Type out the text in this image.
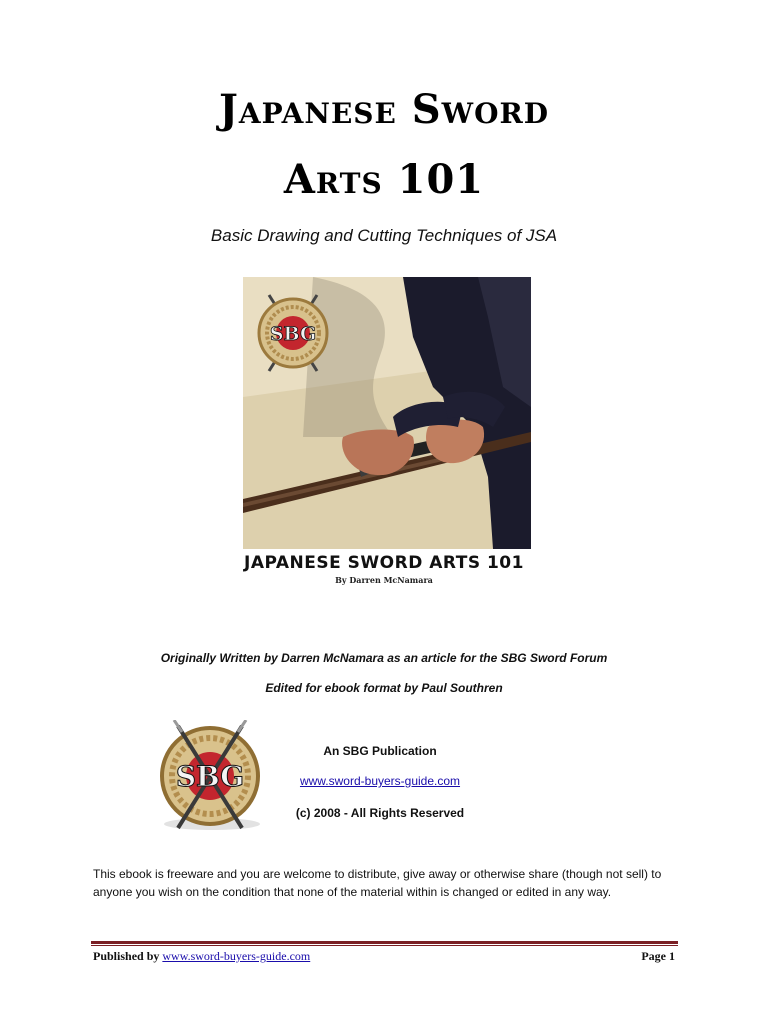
Japanese Sword
Arts 101
Basic Drawing and Cutting Techniques of JSA
SBG
JAPANESE SWORD ARTS 101
By Darren McNamara
Originally Written by Darren McNamara as an article for the SBG Sword Forum
Edited for ebook format by Paul Southren
SBG
An SBG Publication
www.sword-buyers-guide.com
(c) 2008 - All Rights Reserved
This ebook is freeware and you are welcome to distribute, give away or otherwise share (though not sell) to anyone you wish on the condition that none of the material within is changed or edited in any way.
Published by www.sword-buyers-guide.com	Page 1
